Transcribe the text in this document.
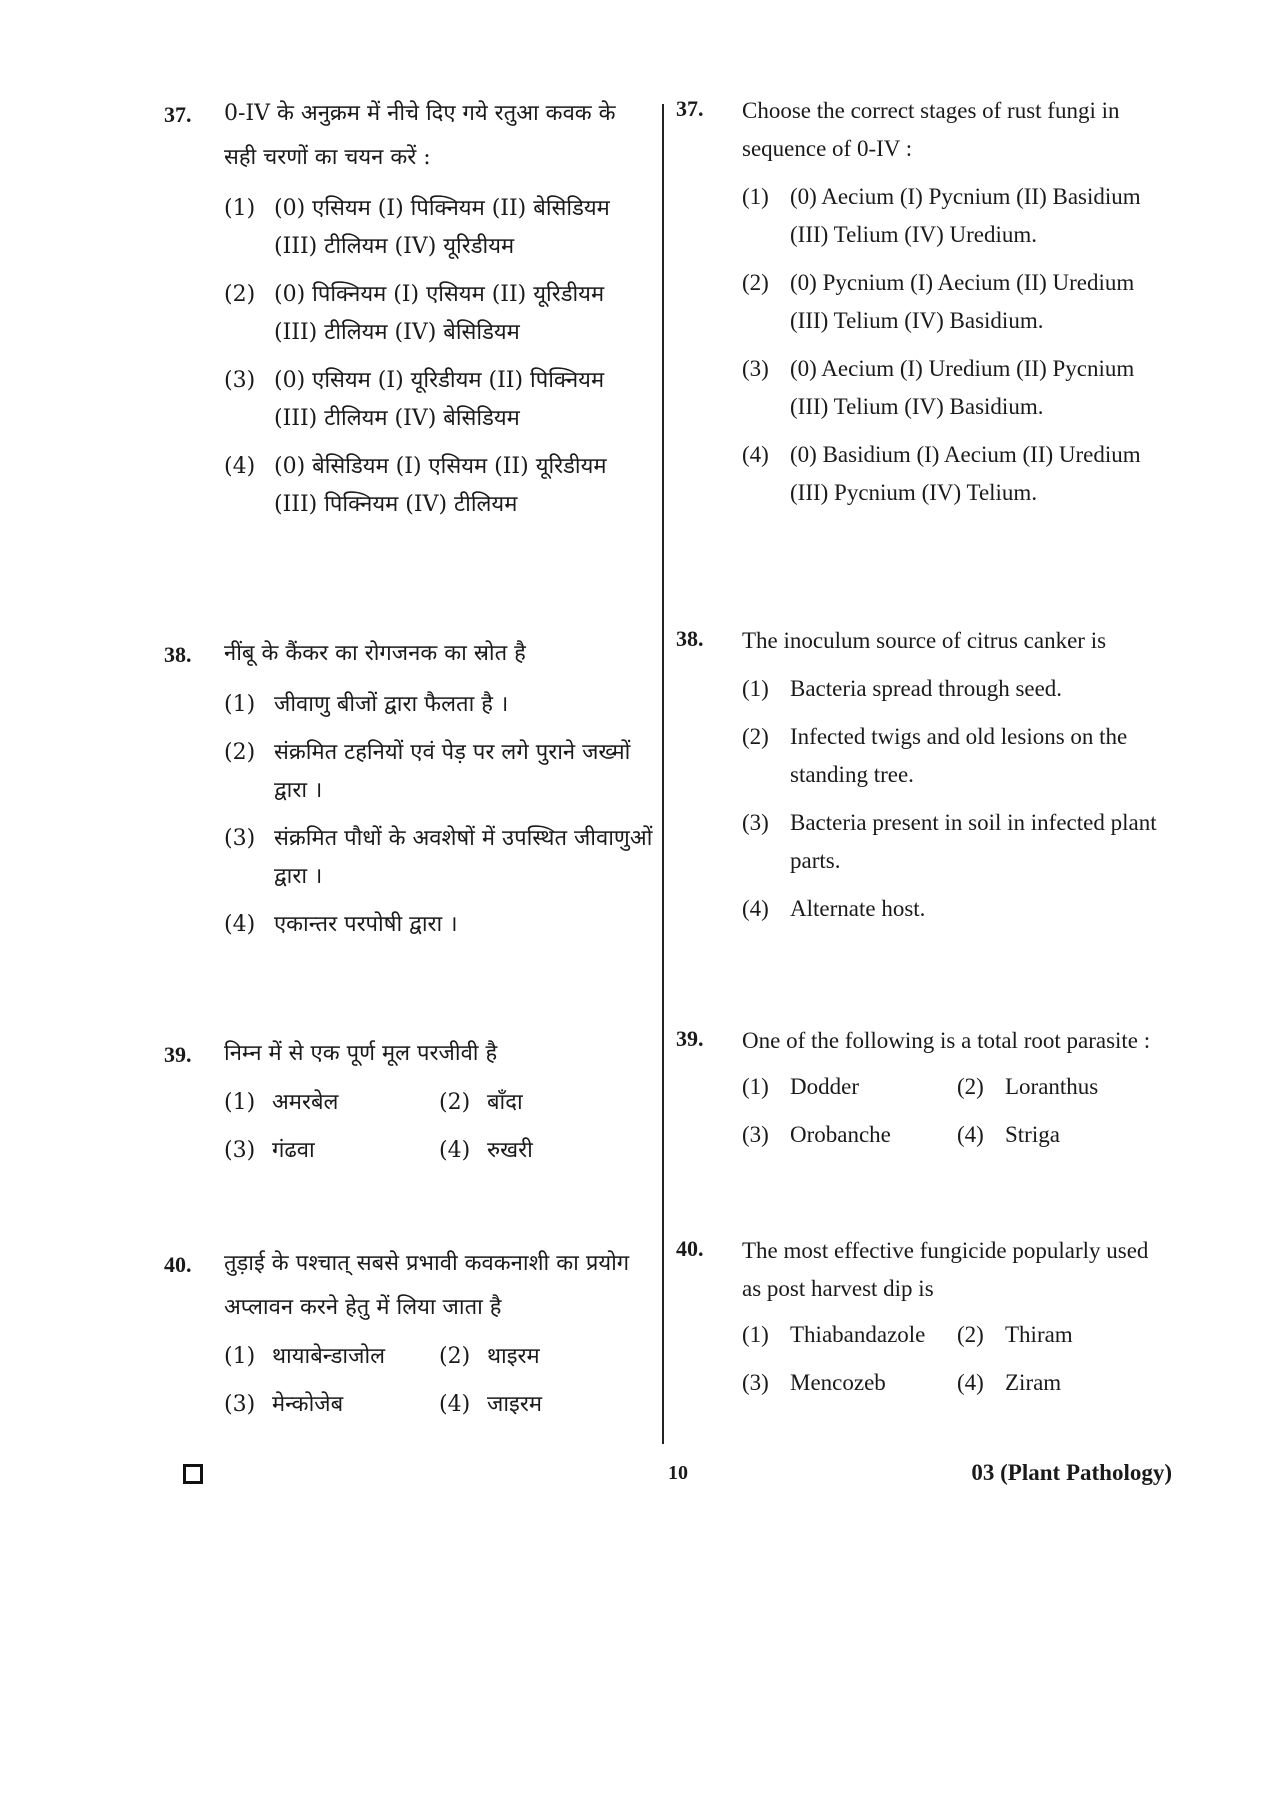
37. 0-IV के अनुक्रम में नीचे दिए गये रतुआ कवक के सही चरणों का चयन करें :
(1) (0) एसियम (I) पिक्नियम (II) बेसिडियम (III) टीलियम (IV) यूरिडीयम
(2) (0) पिक्नियम (I) एसियम (II) यूरिडीयम (III) टीलियम (IV) बेसिडियम
(3) (0) एसियम (I) यूरिडीयम (II) पिक्नियम (III) टीलियम (IV) बेसिडियम
(4) (0) बेसिडियम (I) एसियम (II) यूरिडीयम (III) पिक्नियम (IV) टीलियम
38. नींबू के कैंकर का रोगजनक का स्रोत है
(1) जीवाणु बीजों द्वारा फैलता है ।
(2) संक्रमित टहनियों एवं पेड़ पर लगे पुराने जख्मों द्वारा ।
(3) संक्रमित पौधों के अवशेषों में उपस्थित जीवाणुओं द्वारा ।
(4) एकान्तर परपोषी द्वारा ।
39. निम्न में से एक पूर्ण मूल परजीवी है
(1) अमरबेल	(2) बाँदा
(3) गंढवा	(4) रुखरी
40. तुड़ाई के पश्चात् सबसे प्रभावी कवकनाशी का प्रयोग अप्लावन करने हेतु में लिया जाता है
(1) थायाबेन्डाजोल	(2) थाइरम
(3) मेन्कोजेब	(4) जाइरम
37. Choose the correct stages of rust fungi in sequence of 0-IV :
(1) (0) Aecium (I) Pycnium (II) Basidium (III) Telium (IV) Uredium.
(2) (0) Pycnium (I) Aecium (II) Uredium (III) Telium (IV) Basidium.
(3) (0) Aecium (I) Uredium (II) Pycnium (III) Telium (IV) Basidium.
(4) (0) Basidium (I) Aecium (II) Uredium (III) Pycnium (IV) Telium.
38. The inoculum source of citrus canker is
(1) Bacteria spread through seed.
(2) Infected twigs and old lesions on the standing tree.
(3) Bacteria present in soil in infected plant parts.
(4) Alternate host.
39. One of the following is a total root parasite :
(1) Dodder	(2) Loranthus
(3) Orobanche	(4) Striga
40. The most effective fungicide popularly used as post harvest dip is
(1) Thiabandazole	(2) Thiram
(3) Mencozeb	(4) Ziram
10	03 (Plant Pathology)
